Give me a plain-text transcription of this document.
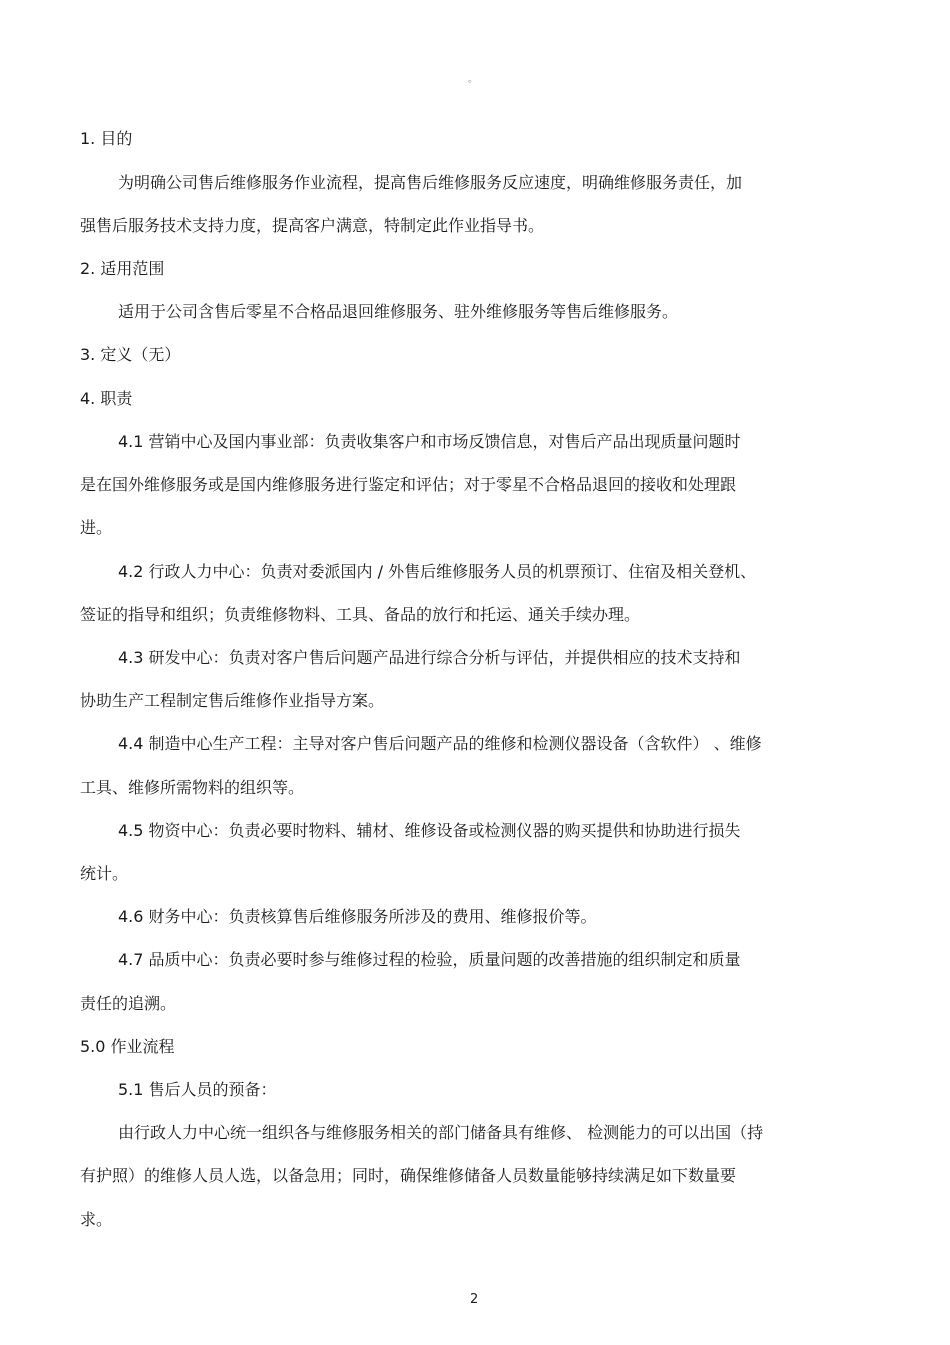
。
1. 目的
为明确公司售后维修服务作业流程，提高售后维修服务反应速度，明确维修服务责任，加
强售后服务技术支持力度，提高客户满意，特制定此作业指导书。
2. 适用范围
适用于公司含售后零星不合格品退回维修服务、驻外维修服务等售后维修服务。
3. 定义（无）
4. 职责
4.1 营销中心及国内事业部：负责收集客户和市场反馈信息，对售后产品出现质量问题时
是在国外维修服务或是国内维修服务进行鉴定和评估；对于零星不合格品退回的接收和处理跟
进。
4.2 行政人力中心：负责对委派国内 / 外售后维修服务人员的机票预订、住宿及相关登机、
签证的指导和组织；负责维修物料、工具、备品的放行和托运、通关手续办理。
4.3 研发中心：负责对客户售后问题产品进行综合分析与评估，并提供相应的技术支持和
协助生产工程制定售后维修作业指导方案。
4.4 制造中心生产工程：主导对客户售后问题产品的维修和检测仪器设备（含软件） 、维修
工具、维修所需物料的组织等。
4.5 物资中心：负责必要时物料、辅材、维修设备或检测仪器的购买提供和协助进行损失
统计。
4.6 财务中心：负责核算售后维修服务所涉及的费用、维修报价等。
4.7 品质中心：负责必要时参与维修过程的检验，质量问题的改善措施的组织制定和质量
责任的追溯。
5.0 作业流程
5.1 售后人员的预备：
由行政人力中心统一组织各与维修服务相关的部门储备具有维修、 检测能力的可以出国（持
有护照）的维修人员人选，以备急用；同时，确保维修储备人员数量能够持续满足如下数量要
求。
2
